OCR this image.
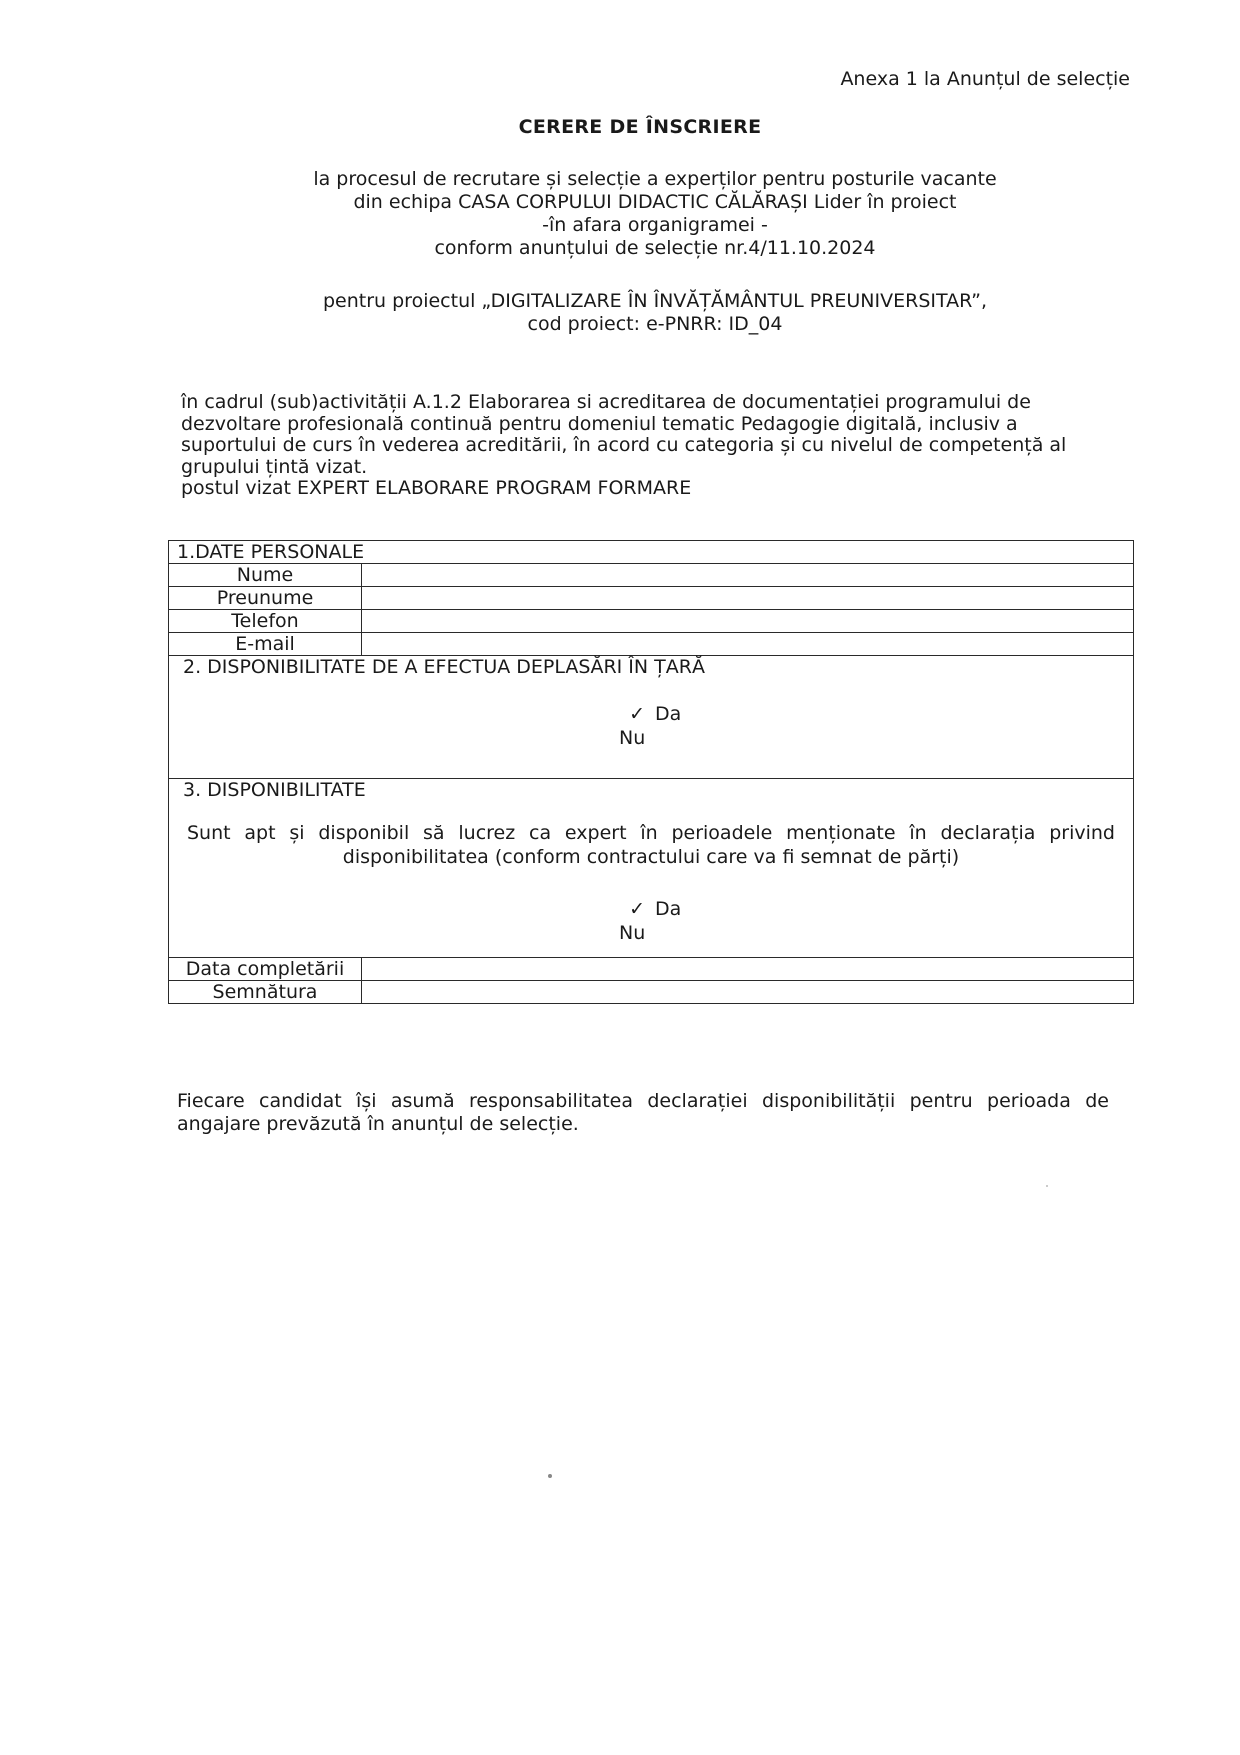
Anexa 1 la Anunțul de selecție
CERERE DE ÎNSCRIERE
la procesul de recrutare și selecție a experților pentru posturile vacante
din echipa CASA CORPULUI DIDACTIC CĂLĂRAȘI Lider în proiect
-în afara organigramei -
conform anunțului de selecție nr.4/11.10.2024
pentru proiectul „DIGITALIZARE ÎN ÎNVĂȚĂMÂNTUL PREUNIVERSITAR”,
cod proiect: e-PNRR: ID_04

în cadrul (sub)activității A.1.2 Elaborarea si acreditarea de documentației programului de dezvoltare profesională continuă pentru domeniul tematic Pedagogie digitală, inclusiv a suportului de curs în vederea acreditării, în acord cu categoria și cu nivelul de competență al grupului țintă vizat.

postul vizat EXPERT ELABORARE PROGRAM FORMARE

1.DATE PERSONALE	
Nume	
Preunume	
Telefon	
E-mail	

2. DISPONIBILITATE DE A EFECTUA DEPLASĂRI ÎN ȚARĂ
✓ Da
Nu	

3. DISPONIBILITATE
Sunt apt și disponibil să lucrez ca expert în perioadele menționate în declarația privind disponibilitatea (conform contractului care va fi semnat de părți)
✓ Da
Nu	

Data completării	
Semnătura	
Fiecare candidat își asumă responsabilitatea declarației disponibilității pentru perioada de angajare prevăzută în anunțul de selecție.
